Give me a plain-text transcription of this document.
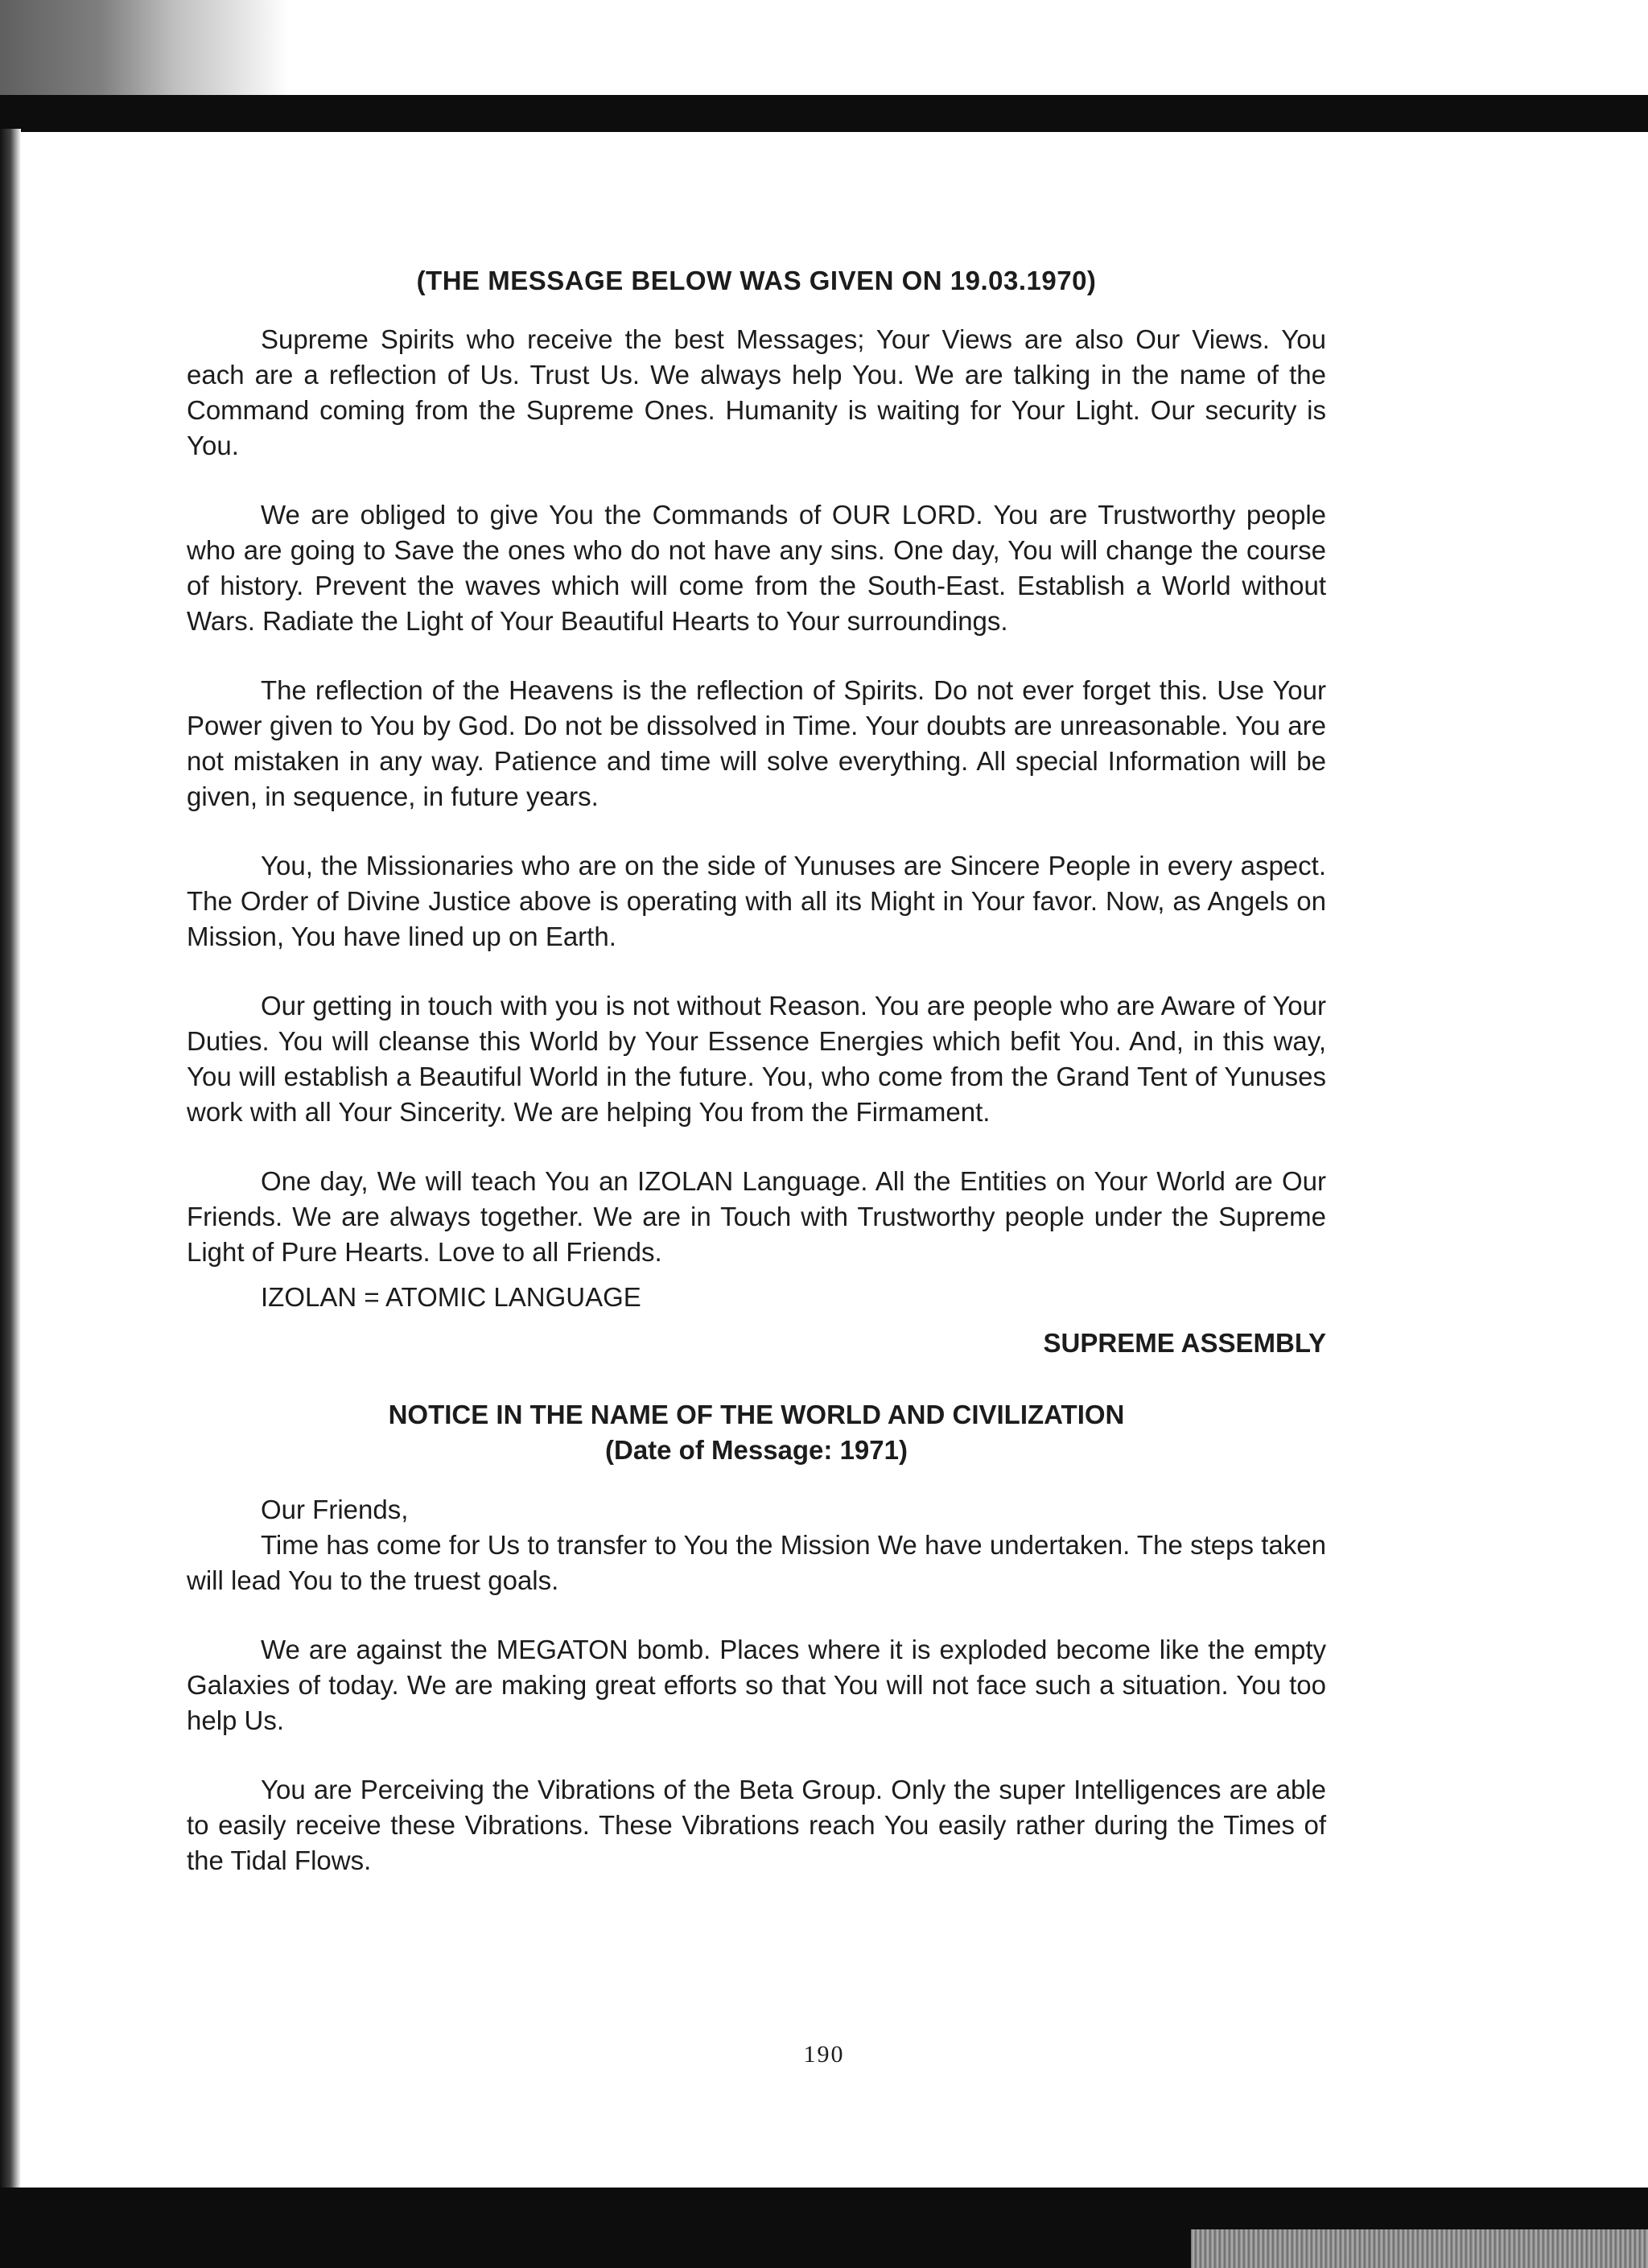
(THE MESSAGE BELOW WAS GIVEN ON 19.03.1970)

Supreme Spirits who receive the best Messages; Your Views are also Our Views. You each are a reflection of Us. Trust Us. We always help You. We are talking in the name of the Command coming from the Supreme Ones. Humanity is waiting for Your Light. Our security is You.

We are obliged to give You the Commands of OUR LORD. You are Trustworthy people who are going to Save the ones who do not have any sins. One day, You will change the course of history. Prevent the waves which will come from the South-East. Establish a World without Wars. Radiate the Light of Your Beautiful Hearts to Your surroundings.

The reflection of the Heavens is the reflection of Spirits. Do not ever forget this. Use Your Power given to You by God. Do not be dissolved in Time. Your doubts are unreasonable. You are not mistaken in any way. Patience and time will solve everything. All special Information will be given, in sequence, in future years.

You, the Missionaries who are on the side of Yunuses are Sincere People in every aspect. The Order of Divine Justice above is operating with all its Might in Your favor. Now, as Angels on Mission, You have lined up on Earth.

Our getting in touch with you is not without Reason. You are people who are Aware of Your Duties. You will cleanse this World by Your Essence Energies which befit You. And, in this way, You will establish a Beautiful World in the future. You, who come from the Grand Tent of Yunuses work with all Your Sincerity. We are helping You from the Firmament.

One day, We will teach You an IZOLAN Language. All the Entities on Your World are Our Friends. We are always together. We are in Touch with Trustworthy people under the Supreme Light of Pure Hearts. Love to all Friends.

IZOLAN = ATOMIC LANGUAGE

SUPREME ASSEMBLY
NOTICE IN THE NAME OF THE WORLD AND CIVILIZATION
(Date of Message: 1971)
Our Friends,

Time has come for Us to transfer to You the Mission We have undertaken. The steps taken will lead You to the truest goals.

We are against the MEGATON bomb. Places where it is exploded become like the empty Galaxies of today. We are making great efforts so that You will not face such a situation. You too help Us.

You are Perceiving the Vibrations of the Beta Group. Only the super Intelligences are able to easily receive these Vibrations. These Vibrations reach You easily rather during the Times of the Tidal Flows.

190
